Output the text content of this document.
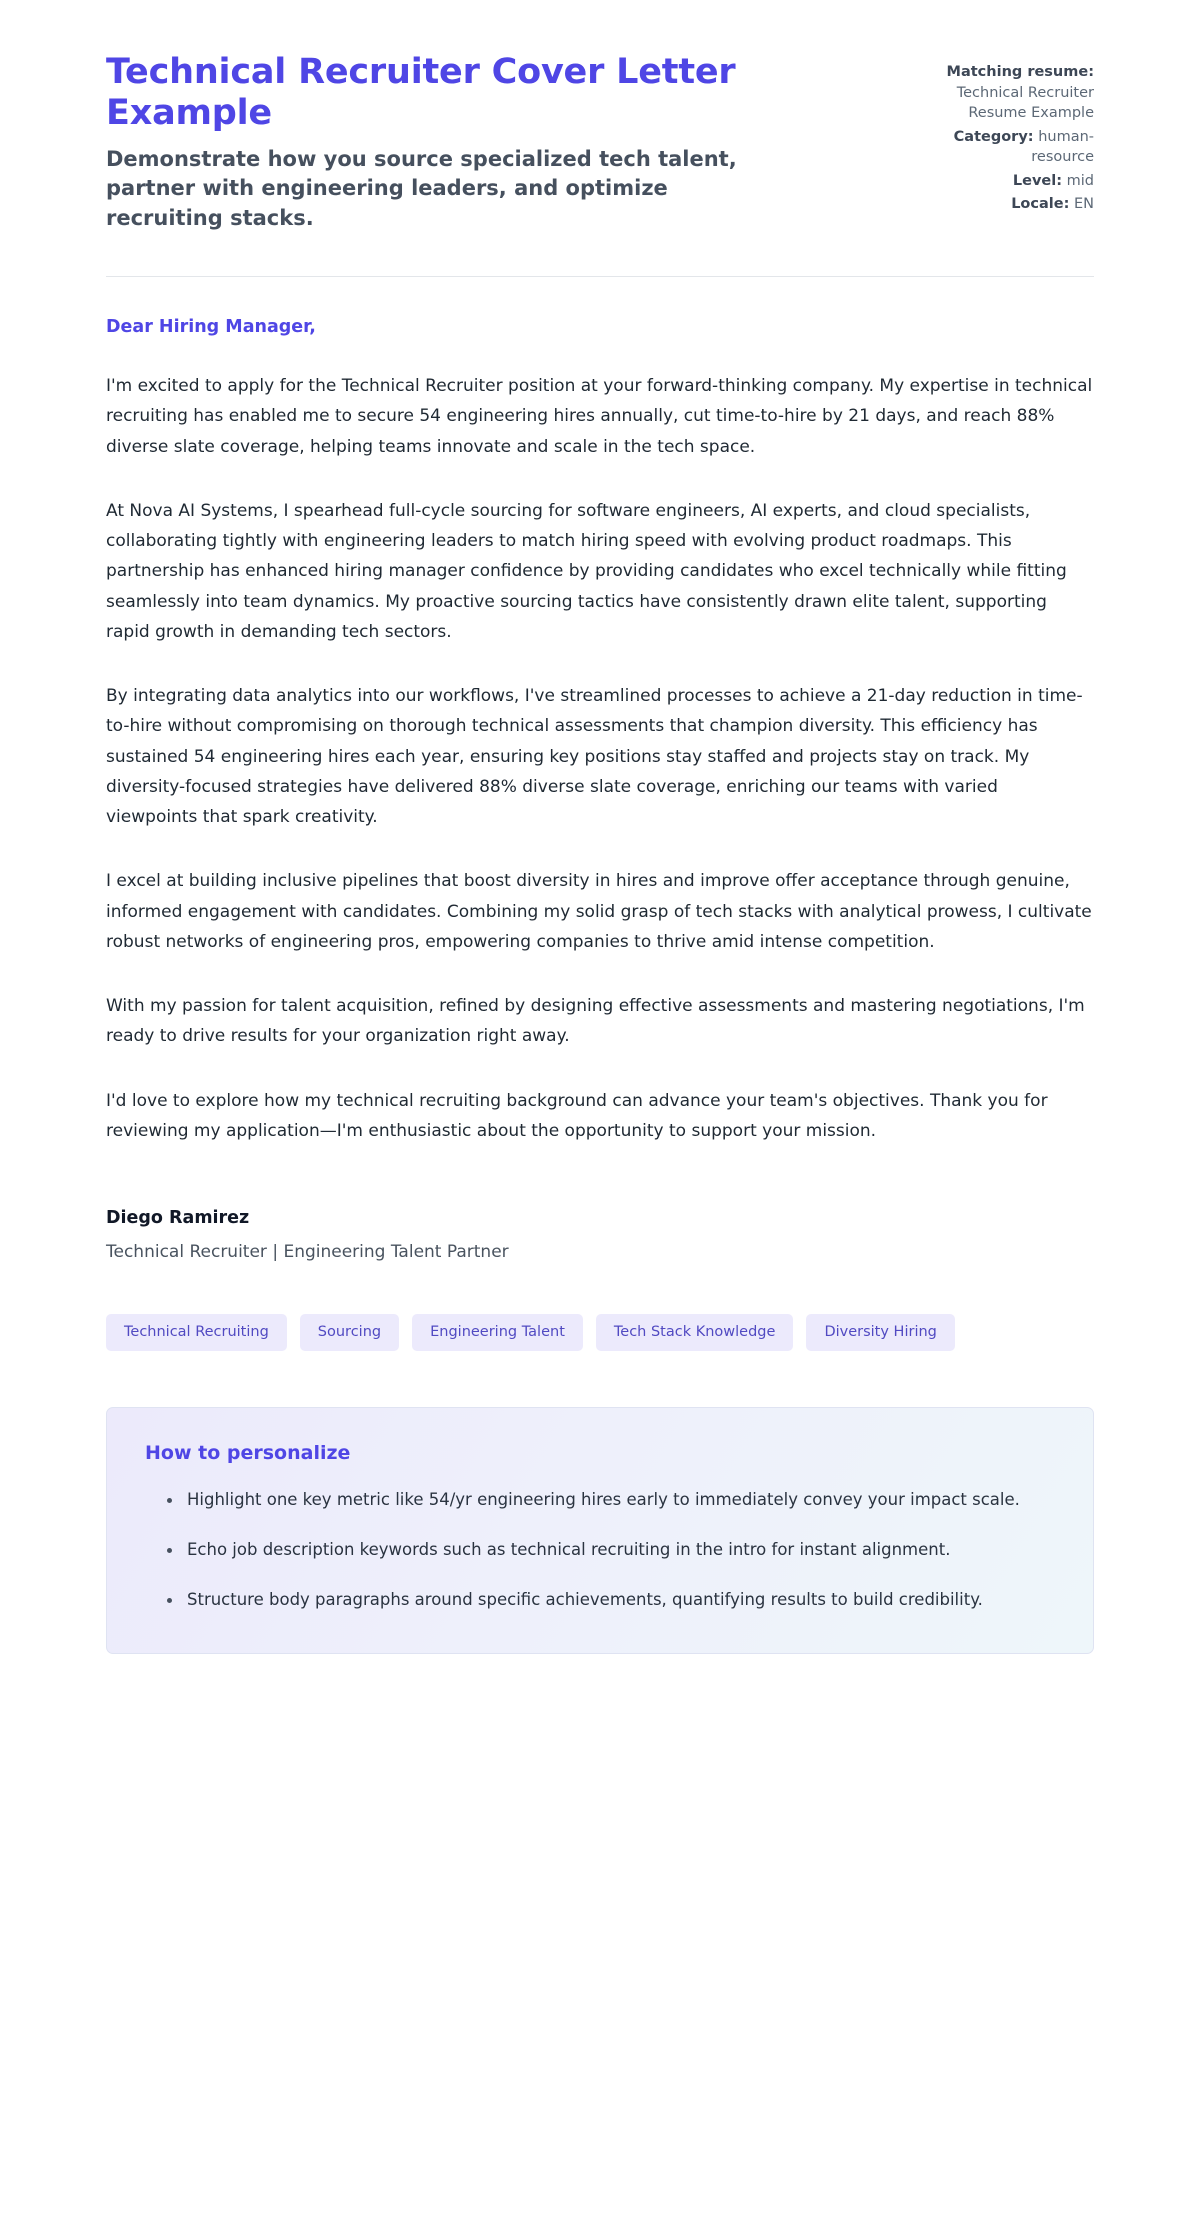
Technical Recruiter Cover Letter Example

Demonstrate how you source specialized tech talent, partner with engineering leaders, and optimize recruiting stacks.

Matching resume: Technical Recruiter Resume Example
Category: human-resource
Level: mid
Locale: EN

Dear Hiring Manager,

I'm excited to apply for the Technical Recruiter position at your forward-thinking company. My expertise in technical recruiting has enabled me to secure 54 engineering hires annually, cut time-to-hire by 21 days, and reach 88% diverse slate coverage, helping teams innovate and scale in the tech space.

At Nova AI Systems, I spearhead full-cycle sourcing for software engineers, AI experts, and cloud specialists, collaborating tightly with engineering leaders to match hiring speed with evolving product roadmaps. This partnership has enhanced hiring manager confidence by providing candidates who excel technically while fitting seamlessly into team dynamics. My proactive sourcing tactics have consistently drawn elite talent, supporting rapid growth in demanding tech sectors.

By integrating data analytics into our workflows, I've streamlined processes to achieve a 21-day reduction in time-to-hire without compromising on thorough technical assessments that champion diversity. This efficiency has sustained 54 engineering hires each year, ensuring key positions stay staffed and projects stay on track. My diversity-focused strategies have delivered 88% diverse slate coverage, enriching our teams with varied viewpoints that spark creativity.

I excel at building inclusive pipelines that boost diversity in hires and improve offer acceptance through genuine, informed engagement with candidates. Combining my solid grasp of tech stacks with analytical prowess, I cultivate robust networks of engineering pros, empowering companies to thrive amid intense competition.

With my passion for talent acquisition, refined by designing effective assessments and mastering negotiations, I'm ready to drive results for your organization right away.

I'd love to explore how my technical recruiting background can advance your team's objectives. Thank you for reviewing my application—I'm enthusiastic about the opportunity to support your mission.

Diego Ramirez

Technical Recruiter | Engineering Talent Partner

Technical Recruiting	Sourcing	Engineering Talent	Tech Stack Knowledge	Diversity Hiring
How to personalize
Highlight one key metric like 54/yr engineering hires early to immediately convey your impact scale.
Echo job description keywords such as technical recruiting in the intro for instant alignment.
Structure body paragraphs around specific achievements, quantifying results to build credibility.
